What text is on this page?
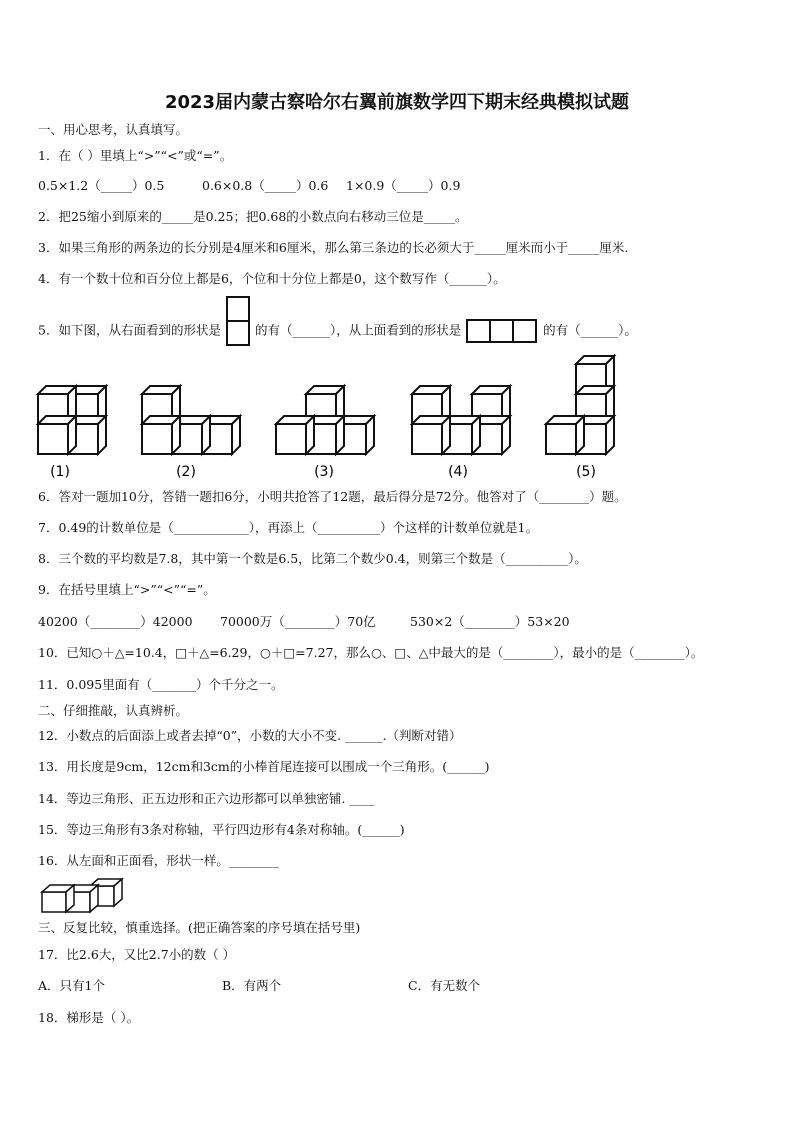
2023届内蒙古察哈尔右翼前旗数学四下期末经典模拟试题
一、用心思考，认真填写。
1．在（ ）里填上“>”“<”或“=”。
0.5×1.2（_____）0.5	0.6×0.8（_____）0.6 1×0.9（_____）0.9
2．把25缩小到原来的_____是0.25；把0.68的小数点向右移动三位是_____。
3．如果三角形的两条边的长分别是4厘米和6厘米，那么第三条边的长必须大于_____厘米而小于_____厘米.
4．有一个数十位和百分位上都是6，个位和十分位上都是0，这个数写作（______）。
5．如下图，从右面看到的形状是	的有（______），从上面看到的形状是	的有（______）。
(1)	(2)	(3)	(4)	(5)
6．答对一题加10分，答错一题扣6分，小明共抢答了12题，最后得分是72分。他答对了（________）题。
7．0.49的计数单位是（____________），再添上（__________）个这样的计数单位就是1。
8．三个数的平均数是7.8，其中第一个数是6.5，比第二个数少0.4，则第三个数是（__________）。
9．在括号里填上“>”“<”“=”。
40200（________）42000 70000万（________）70亿	530×2（________）53×20
10．已知○＋△=10.4，□＋△=6.29，○＋□=7.27，那么○、□、△中最大的是（________），最小的是（________）。
11．0.095里面有（_______）个千分之一。
二、仔细推敲，认真辨析。
12．小数点的后面添上或者去掉“0”，小数的大小不变. ______.（判断对错）
13．用长度是9cm，12cm和3cm的小棒首尾连接可以围成一个三角形。(______)
14．等边三角形、正五边形和正六边形都可以单独密铺. ____
15．等边三角形有3条对称轴，平行四边形有4条对称轴。(______)
16．从左面和正面看，形状一样。________
三、反复比较，慎重选择。(把正确答案的序号填在括号里)
17．比2.6大，又比2.7小的数（ ）
A．只有1个	B．有两个	C．有无数个
18．梯形是（ ）。
